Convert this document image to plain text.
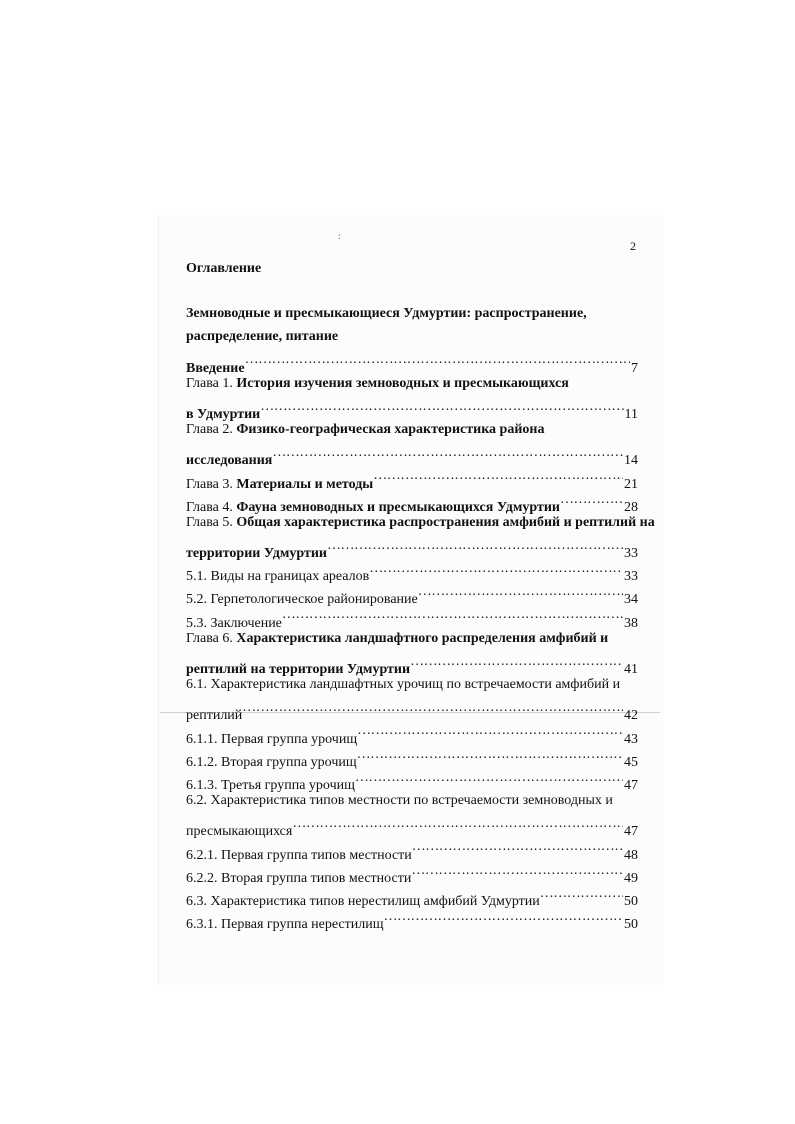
:
2
Оглавление
Земноводные и пресмыкающиеся Удмуртии: распространение,
распределение, питание
Введение ……………………………………………………………………………………………………………………………………………………………………………………	7
Глава 1. История изучения земноводных и пресмыкающихся
в Удмуртии ……………………………………………………………………………………………………………………………………………………………………………………	11
Глава 2. Физико-географическая характеристика района
исследования ……………………………………………………………………………………………………………………………………………………………………………………	14
Глава 3. Материалы и методы ……………………………………………………………………………………………………………………………………………………………………………………	21
Глава 4. Фауна земноводных и пресмыкающихся Удмуртии ……………………………………………………………………………………………………………………………………………………………………………………	28
Глава 5. Общая характеристика распространения амфибий и рептилий на
территории Удмуртии ……………………………………………………………………………………………………………………………………………………………………………………	33
5.1. Виды на границах ареалов ……………………………………………………………………………………………………………………………………………………………………………………	33
5.2. Герпетологическое районирование ……………………………………………………………………………………………………………………………………………………………………………………	34
5.3. Заключение ……………………………………………………………………………………………………………………………………………………………………………………	38
Глава 6. Характеристика ландшафтного распределения амфибий и
рептилий на территории Удмуртии ……………………………………………………………………………………………………………………………………………………………………………………	41
6.1. Характеристика ландшафтных урочищ по встречаемости амфибий и
рептилий ……………………………………………………………………………………………………………………………………………………………………………………	42
6.1.1. Первая группа урочищ ……………………………………………………………………………………………………………………………………………………………………………………	43
6.1.2. Вторая группа урочищ ……………………………………………………………………………………………………………………………………………………………………………………	45
6.1.3. Третья группа урочищ ……………………………………………………………………………………………………………………………………………………………………………………	47
6.2. Характеристика типов местности по встречаемости земноводных и
пресмыкающихся ……………………………………………………………………………………………………………………………………………………………………………………	47
6.2.1. Первая группа типов местности ……………………………………………………………………………………………………………………………………………………………………………………	48
6.2.2. Вторая группа типов местности ……………………………………………………………………………………………………………………………………………………………………………………	49
6.3. Характеристика типов нерестилищ амфибий Удмуртии ……………………………………………………………………………………………………………………………………………………………………………………	50
6.3.1. Первая группа нерестилищ ……………………………………………………………………………………………………………………………………………………………………………………	50
